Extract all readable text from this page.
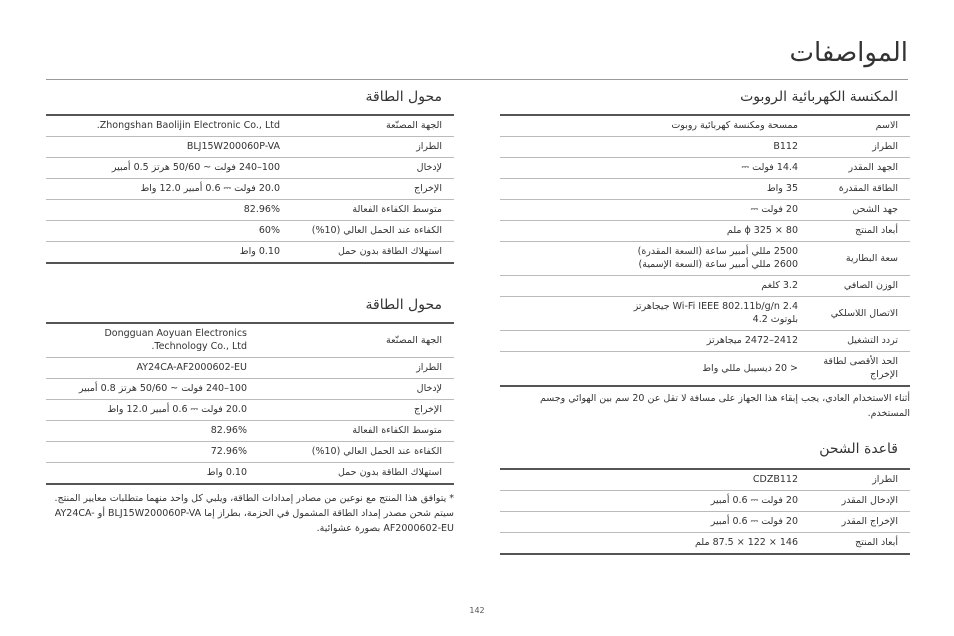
المواصفات
المكنسة الكهربائية الروبوت
الاسم	ممسحة ومكنسة كهربائية روبوت
الطراز	B112
الجهد المقدر	14.4 فولت ⎓
الطاقة المقدرة	35 واط
جهد الشحن	20 فولت ⎓
أبعاد المنتج	ϕ 325 × 80 ملم
سعة البطارية	2500 مللي أمبير ساعة (السعة المقدرة)
2600 مللي أمبير ساعة (السعة الإسمية)
الوزن الصافي	3.2 كلغم
الاتصال اللاسلكي	Wi-Fi IEEE 802.11b/g/n 2.4 جيجاهرتز
بلوتوث 4.2
تردد التشغيل	2412–2472 ميجاهرتز
الحد الأقصى لطاقة الإخراج	< 20 ديسيبل مللي واط
أثناء الاستخدام العادي، يجب إبقاء هذا الجهاز على مسافة لا تقل عن 20 سم بين الهوائي وجسم المستخدم.
قاعدة الشحن
الطراز	CDZB112
الإدخال المقدر	20 فولت ⎓ 0.6 أمبير
الإخراج المقدر	20 فولت ⎓ 0.6 أمبير
أبعاد المنتج	146 × 122 × 87.5 ملم
محول الطاقة
الجهة المصنّعة	Zhongshan Baolijin Electronic Co., Ltd.
الطراز	BLJ15W200060P-VA
لإدخال	100–240 فولت ~ 50/60 هرتز 0.5 أمبير
الإخراج	20.0 فولت ⎓ 0.6 أمبير 12.0 واط
متوسط الكفاءة الفعالة	82.96%
الكفاءة عند الحمل العالي (10%)	60%
استهلاك الطاقة بدون حمل	0.10 واط
محول الطاقة
الجهة المصنّعة	Dongguan Aoyuan Electronics
Technology Co., Ltd.
الطراز	AY24CA-AF2000602-EU
لإدخال	100–240 فولت ~ 50/60 هرتز 0.8 أمبير
الإخراج	20.0 فولت ⎓ 0.6 أمبير 12.0 واط
متوسط الكفاءة الفعالة	82.96%
الكفاءة عند الحمل العالي (10%)	72.96%
استهلاك الطاقة بدون حمل	0.10 واط
* يتوافق هذا المنتج مع نوعين من مصادر إمدادات الطاقة، ويلبي كل واحد منهما متطلبات معايير المنتج. سيتم شحن مصدر إمداد الطاقة المشمول في الحزمة، بطراز إما BLJ15W200060P-VA أو AY24CA-AF2000602-EU بصورة عشوائية.
142
